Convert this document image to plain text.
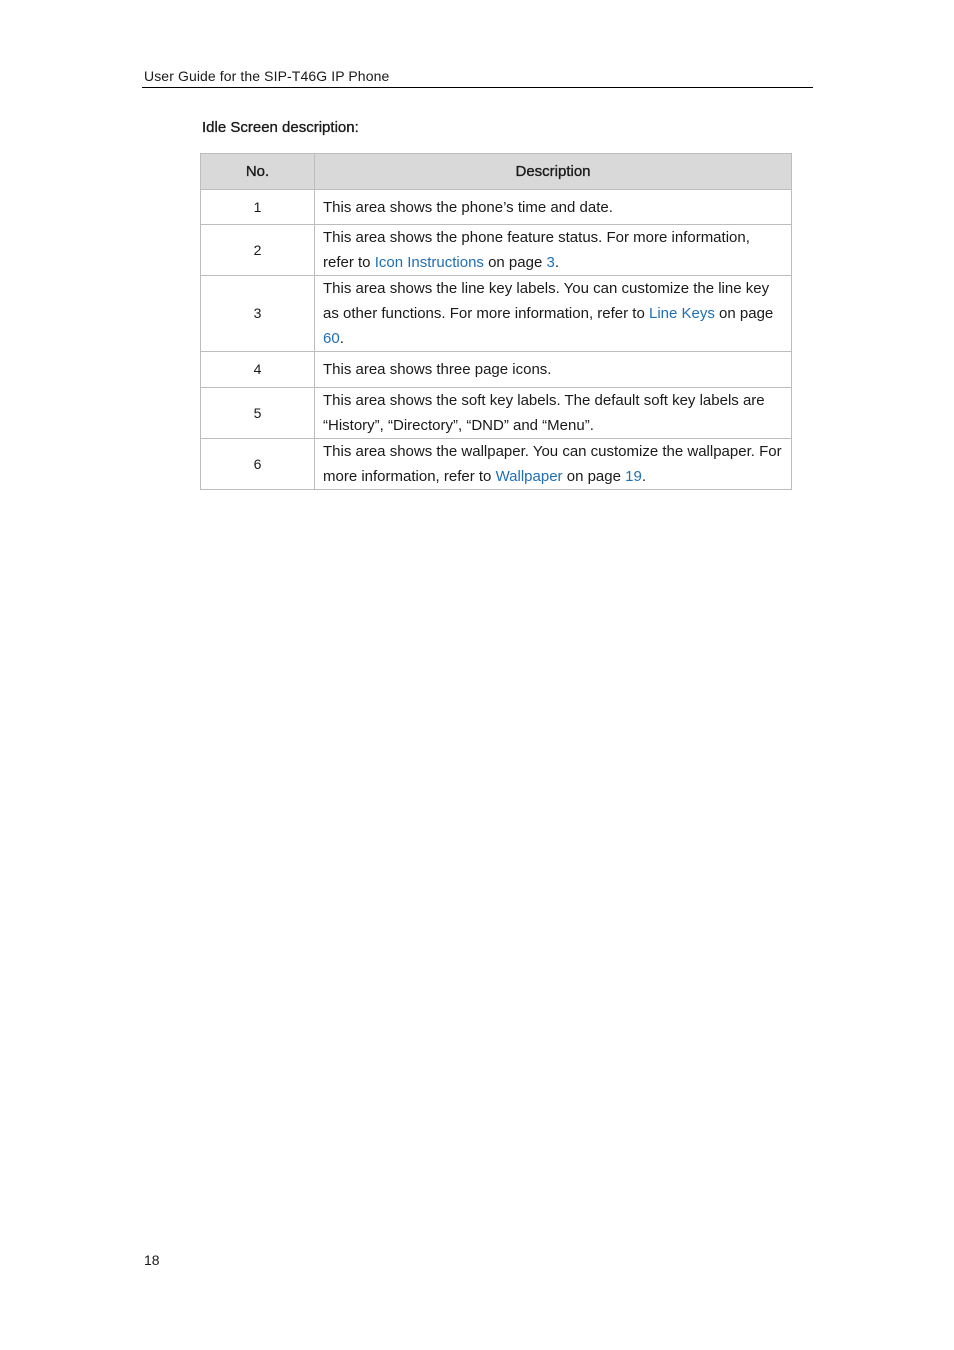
User Guide for the SIP-T46G IP Phone
Idle Screen description:
No.	Description
1	This area shows the phone’s time and date.
2	This area shows the phone feature status. For more information, refer to Icon Instructions on page 3.
3	This area shows the line key labels. You can customize the line key as other functions. For more information, refer to Line Keys on page 60.
4	This area shows three page icons.
5	This area shows the soft key labels. The default soft key labels are “History”, “Directory”, “DND” and “Menu”.
6	This area shows the wallpaper. You can customize the wallpaper. For more information, refer to Wallpaper on page 19.
18
